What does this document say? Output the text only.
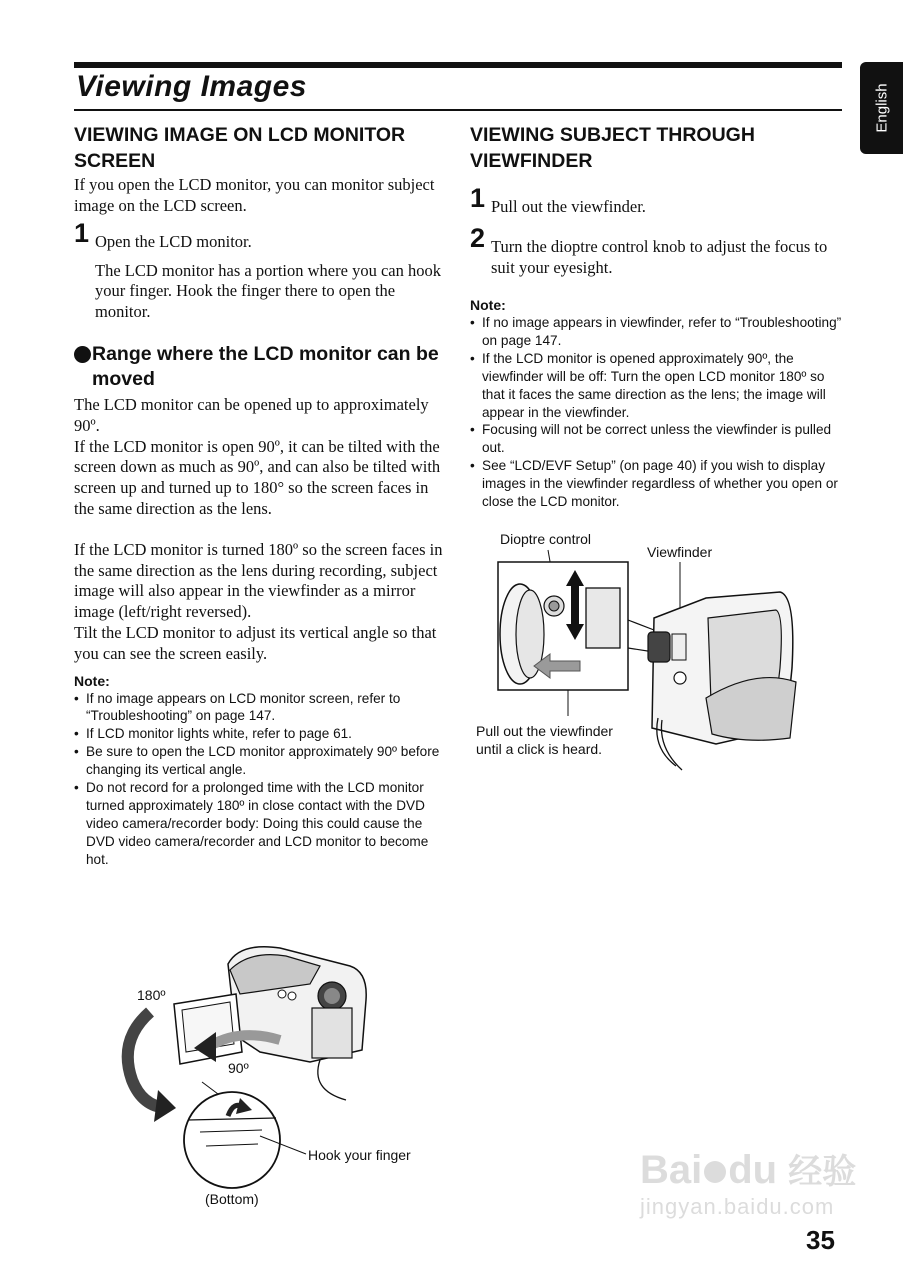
Viewing Images	English
VIEWING IMAGE ON LCD MONITOR SCREEN

If you open the LCD monitor, you can monitor subject image on the LCD screen.

1 Open the LCD monitor.

The LCD monitor has a portion where you can hook your finger. Hook the finger there to open the monitor.

Range where the LCD monitor can be moved

The LCD monitor can be opened up to approximately 90º.

If the LCD monitor is open 90º, it can be tilted with the screen down as much as 90º, and can also be tilted with screen up and turned up to 180° so the screen faces in the same direction as the lens.

If the LCD monitor is turned 180º so the screen faces in the same direction as the lens during recording, subject image will also appear in the viewfinder as a mirror image (left/right reversed).

Tilt the LCD monitor to adjust its vertical angle so that you can see the screen easily.

Note:
• If no image appears on LCD monitor screen, refer to “Troubleshooting” on page 147.
• If LCD monitor lights white, refer to page 61.
• Be sure to open the LCD monitor approximately 90º before changing its vertical angle.
• Do not record for a prolonged time with the LCD monitor turned approximately 180º in close contact with the DVD video camera/recorder body: Doing this could cause the DVD video camera/recorder and LCD monitor to become hot.
VIEWING SUBJECT THROUGH VIEWFINDER
1 Pull out the viewfinder.
2 Turn the dioptre control knob to adjust the focus to suit your eyesight.
Note:
• If no image appears in viewfinder, refer to “Troubleshooting” on page 147.
• If the LCD monitor is opened approximately 90º, the viewfinder will be off: Turn the open LCD monitor 180º so that it faces the same direction as the lens; the image will appear in the viewfinder.
• Focusing will not be correct unless the viewfinder is pulled out.
• See “LCD/EVF Setup” (on page 40) if you wish to display images in the viewfinder regardless of whether you open or close the LCD monitor.
Dioptre control
Viewfinder
Pull out the viewfinder
until a click is heard.
180º
90º
Hook your finger
(Bottom)
Bai du 经验
jingyan.baidu.com
35
